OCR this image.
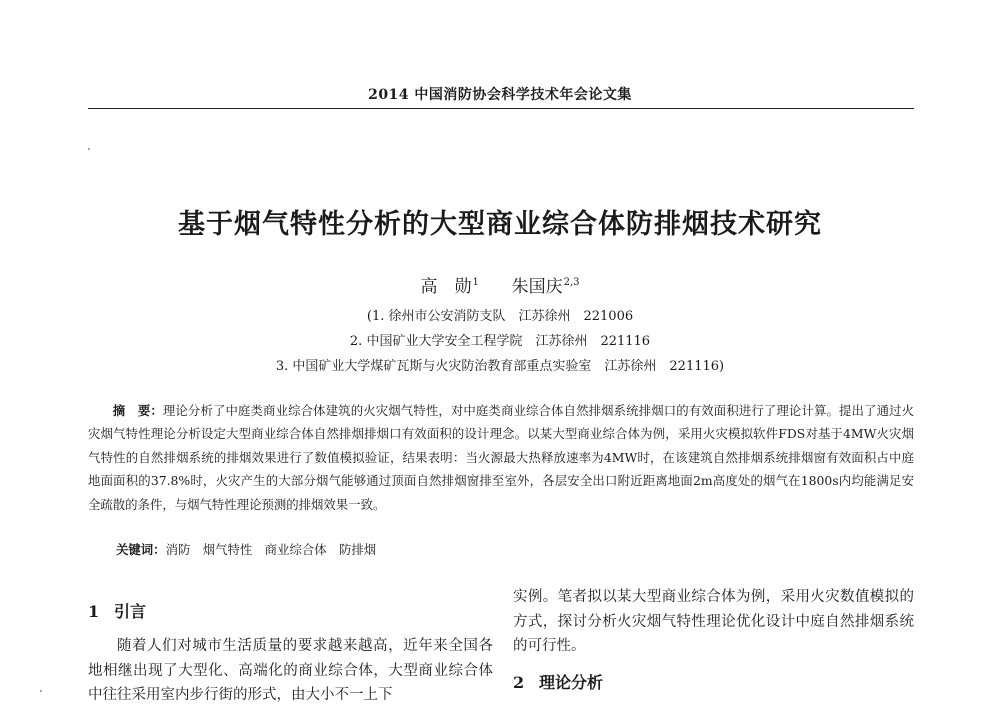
2014 中国消防协会科学技术年会论文集
基于烟气特性分析的大型商业综合体防排烟技术研究
高　勋$^1$ 朱国庆$^{2,3}$
(1. 徐州市公安消防支队　江苏徐州　221006
2. 中国矿业大学安全工程学院　江苏徐州　221116
3. 中国矿业大学煤矿瓦斯与火灾防治教育部重点实验室　江苏徐州　221116)
摘　要：理论分析了中庭类商业综合体建筑的火灾烟气特性，对中庭类商业综合体自然排烟系统排烟口的有效面积进行了理论计算。提出了通过火灾烟气特性理论分析设定大型商业综合体自然排烟排烟口有效面积的设计理念。以某大型商业综合体为例，采用火灾模拟软件FDS对基于4MW火灾烟气特性的自然排烟系统的排烟效果进行了数值模拟验证，结果表明：当火源最大热释放速率为4MW时，在该建筑自然排烟系统排烟窗有效面积占中庭地面面积的37.8%时，火灾产生的大部分烟气能够通过顶面自然排烟窗排至室外，各层安全出口附近距离地面2m高度处的烟气在1800s内均能满足安全疏散的条件，与烟气特性理论预测的排烟效果一致。
关键词：消防　烟气特性　商业综合体　防排烟
1 引言
随着人们对城市生活质量的要求越来越高，近年来全国各地相继出现了大型化、高端化的商业综合体，大型商业综合体中往往采用室内步行街的形式，由大小不一上下
实例。笔者拟以某大型商业综合体为例，采用火灾数值模拟的方式，探讨分析火灾烟气特性理论优化设计中庭自然排烟系统的可行性。
2 理论分析
